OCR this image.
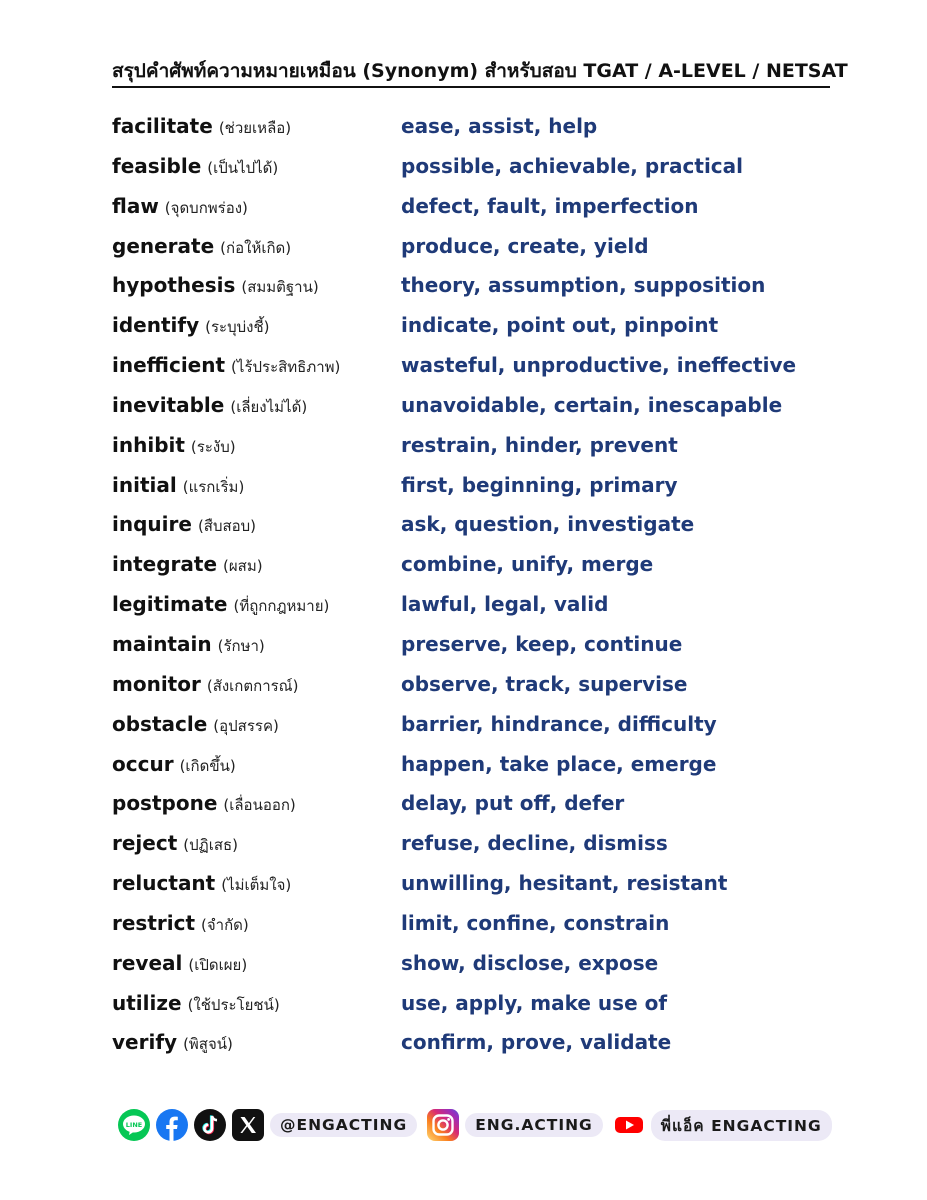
สรุปคำศัพท์ความหมายเหมือน (Synonym) สำหรับสอบ TGAT / A-LEVEL / NETSAT
facilitate (ช่วยเหลือ)	ease, assist, help
feasible (เป็นไปได้)	possible, achievable, practical
flaw (จุดบกพร่อง)	defect, fault, imperfection
generate (ก่อให้เกิด)	produce, create, yield
hypothesis (สมมติฐาน)	theory, assumption, supposition
identify (ระบุบ่งชี้)	indicate, point out, pinpoint
inefficient (ไร้ประสิทธิภาพ)	wasteful, unproductive, ineffective
inevitable (เลี่ยงไม่ได้)	unavoidable, certain, inescapable
inhibit (ระงับ)	restrain, hinder, prevent
initial (แรกเริ่ม)	first, beginning, primary
inquire (สืบสอบ)	ask, question, investigate
integrate (ผสม)	combine, unify, merge
legitimate (ที่ถูกกฎหมาย)	lawful, legal, valid
maintain (รักษา)	preserve, keep, continue
monitor (สังเกตการณ์)	observe, track, supervise
obstacle (อุปสรรค)	barrier, hindrance, difficulty
occur (เกิดขึ้น)	happen, take place, emerge
postpone (เลื่อนออก)	delay, put off, defer
reject (ปฏิเสธ)	refuse, decline, dismiss
reluctant (ไม่เต็มใจ)	unwilling, hesitant, resistant
restrict (จำกัด)	limit, confine, constrain
reveal (เปิดเผย)	show, disclose, expose
utilize (ใช้ประโยชน์)	use, apply, make use of
verify (พิสูจน์)	confirm, prove, validate
LINE	@ENGACTING	ENG.ACTING	พี่แอ็ค ENGACTING
